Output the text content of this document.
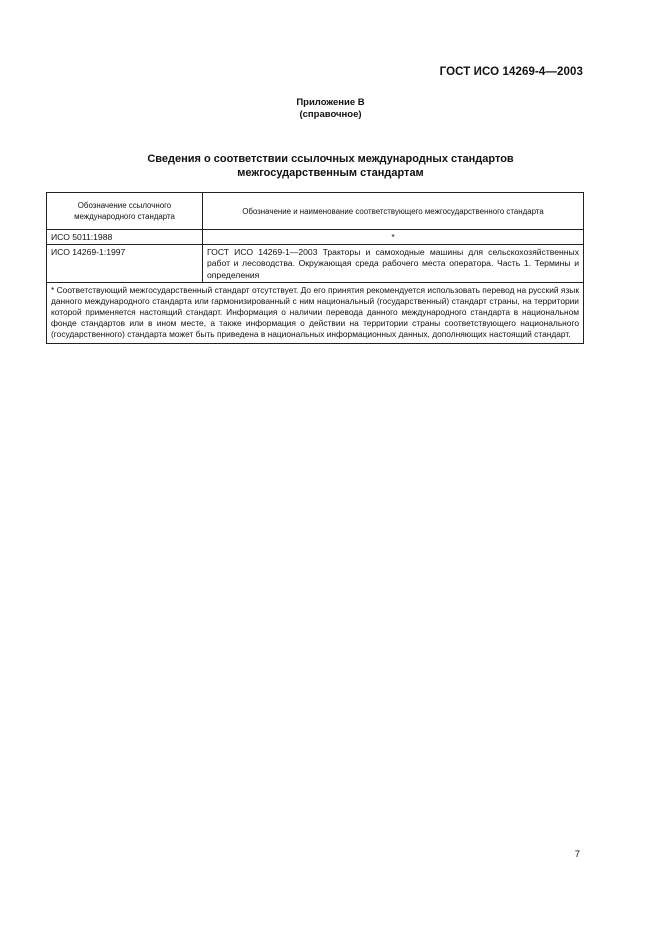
ГОСТ ИСО 14269-4—2003
Приложение В
(справочное)
Сведения о соответствии ссылочных международных стандартов
межгосударственным стандартам
Обозначение ссылочного международного стандарта	Обозначение и наименование соответствующего межгосударственного стандарта

ИСО 5011:1988	*
ИСО 14269-1:1997	ГОСТ ИСО 14269-1—2003 Тракторы и самоходные машины для сельскохозяйственных работ и лесоводства. Окружающая среда рабочего места оператора. Часть 1. Термины и определения
* Соответствующий межгосударственный стандарт отсутствует. До его принятия рекомендуется использовать перевод на русский язык данного международного стандарта или гармонизированный с ним национальный (государственный) стандарт страны, на территории которой применяется настоящий стандарт. Информация о наличии перевода данного международного стандарта в национальном фонде стандартов или в ином месте, а также информация о действии на территории страны соответствующего национального (государственного) стандарта может быть приведена в национальных информационных данных, дополняющих настоящий стандарт.	
7
